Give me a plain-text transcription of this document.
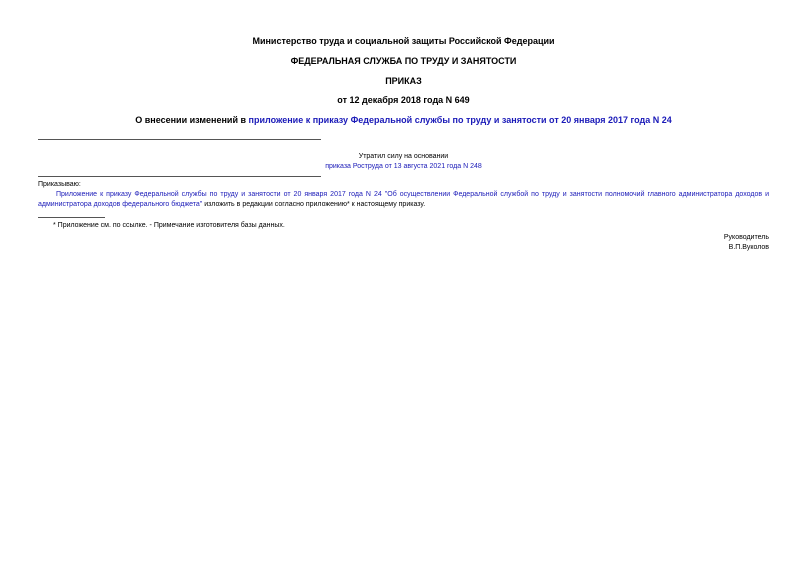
Министерство труда и социальной защиты Российской Федерации
ФЕДЕРАЛЬНАЯ СЛУЖБА ПО ТРУДУ И ЗАНЯТОСТИ
ПРИКАЗ
от 12 декабря 2018 года N 649
О внесении изменений в приложение к приказу Федеральной службы по труду и занятости от 20 января 2017 года N 24
Утратил силу на основании
приказа Роструда от 13 августа 2021 года N 248
Приказываю:
Приложение к приказу Федеральной службы по труду и занятости от 20 января 2017 года N 24 "Об осуществлении Федеральной службой по труду и занятости полномочий главного администратора доходов и администратора доходов федерального бюджета" изложить в редакции согласно приложению* к настоящему приказу.
* Приложение см. по ссылке. - Примечание изготовителя базы данных.
Руководитель
В.П.Вуколов
